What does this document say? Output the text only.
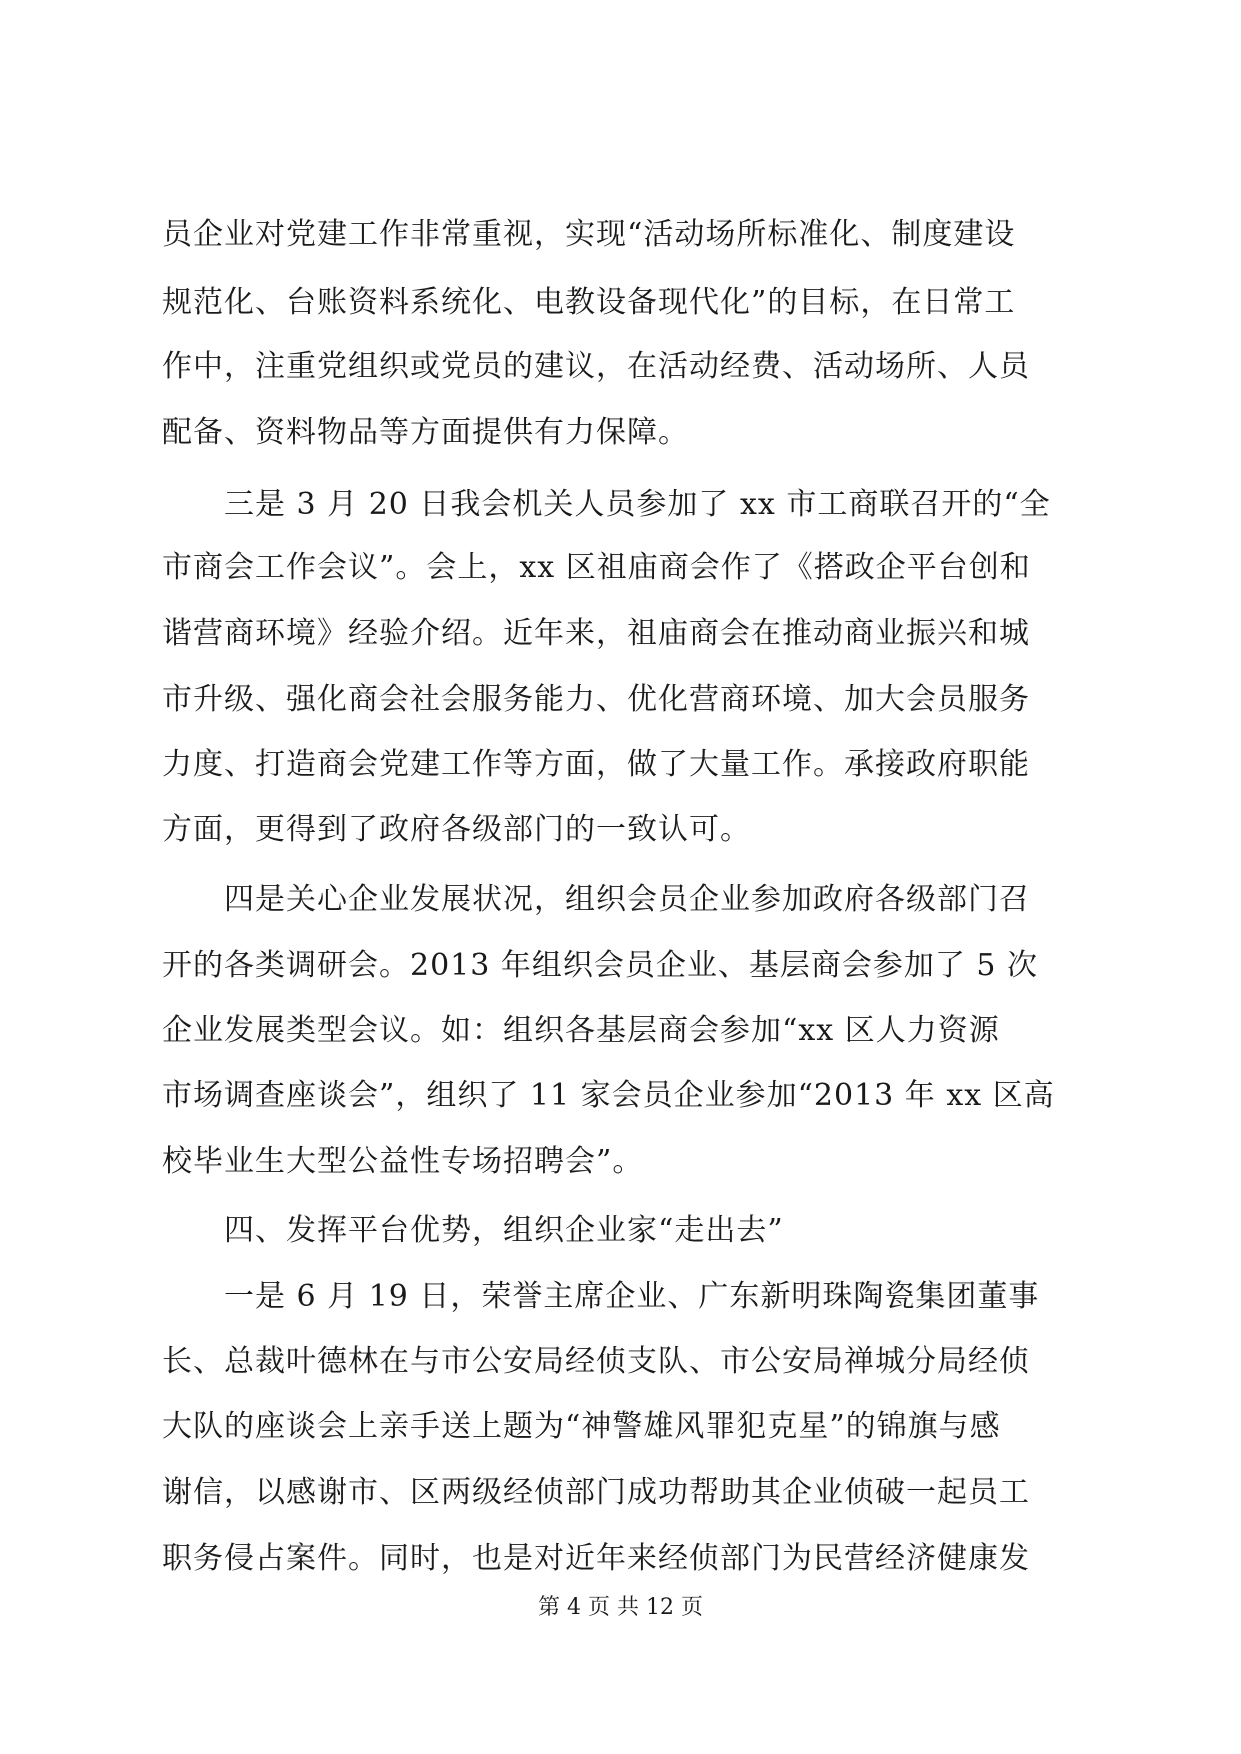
员企业对党建工作非常重视，实现“活动场所标准化、制度建设
规范化、台账资料系统化、电教设备现代化”的目标，在日常工
作中，注重党组织或党员的建议，在活动经费、活动场所、人员
配备、资料物品等方面提供有力保障。
三是 3 月 20 日我会机关人员参加了 xx 市工商联召开的“全
市商会工作会议”。会上，xx 区祖庙商会作了《搭政企平台创和
谐营商环境》经验介绍。近年来，祖庙商会在推动商业振兴和城
市升级、强化商会社会服务能力、优化营商环境、加大会员服务
力度、打造商会党建工作等方面，做了大量工作。承接政府职能
方面，更得到了政府各级部门的一致认可。
四是关心企业发展状况，组织会员企业参加政府各级部门召
开的各类调研会。2013 年组织会员企业、基层商会参加了 5 次
企业发展类型会议。如：组织各基层商会参加“xx 区人力资源
市场调查座谈会”，组织了 11 家会员企业参加“2013 年 xx 区高
校毕业生大型公益性专场招聘会”。
四、发挥平台优势，组织企业家“走出去”
一是 6 月 19 日，荣誉主席企业、广东新明珠陶瓷集团董事
长、总裁叶德林在与市公安局经侦支队、市公安局禅城分局经侦
大队的座谈会上亲手送上题为“神警雄风罪犯克星”的锦旗与感
谢信，以感谢市、区两级经侦部门成功帮助其企业侦破一起员工
职务侵占案件。同时，也是对近年来经侦部门为民营经济健康发
第 4 页 共 12 页
